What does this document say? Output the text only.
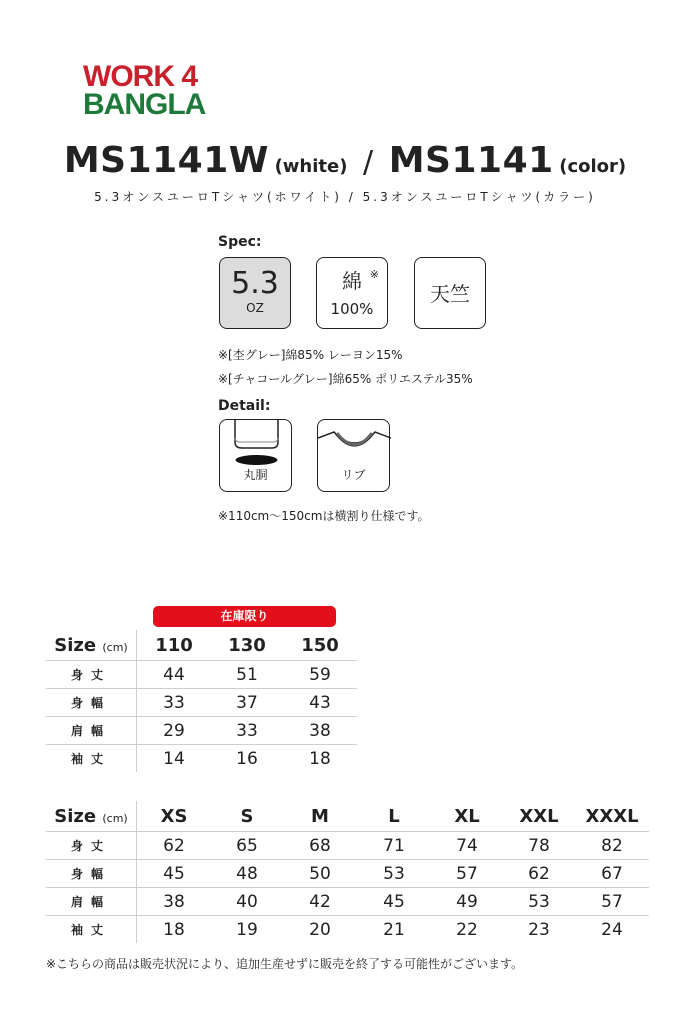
WORK 4
BANGLA
MS1141W (white) / MS1141 (color)
5.3オンスユーロTシャツ(ホワイト) / 5.3オンスユーロTシャツ(カラー)
Spec:
5.3
OZ
綿 ※
100%
天竺
※[杢グレー]綿85% レーヨン15%
※[チャコールグレー]綿65% ポリエステル35%
Detail:
丸胴	リブ
※110cm〜150cmは横割り仕様です。
在庫限り
Size (cm)	110	130	150
身丈	44	51	59
身幅	33	37	43
肩幅	29	33	38
袖丈	14	16	18
Size (cm)	XS	S	M	L	XL	XXL	XXXL
身丈	62	65	68	71	74	78	82
身幅	45	48	50	53	57	62	67
肩幅	38	40	42	45	49	53	57
袖丈	18	19	20	21	22	23	24
※こちらの商品は販売状況により、追加生産せずに販売を終了する可能性がございます。
